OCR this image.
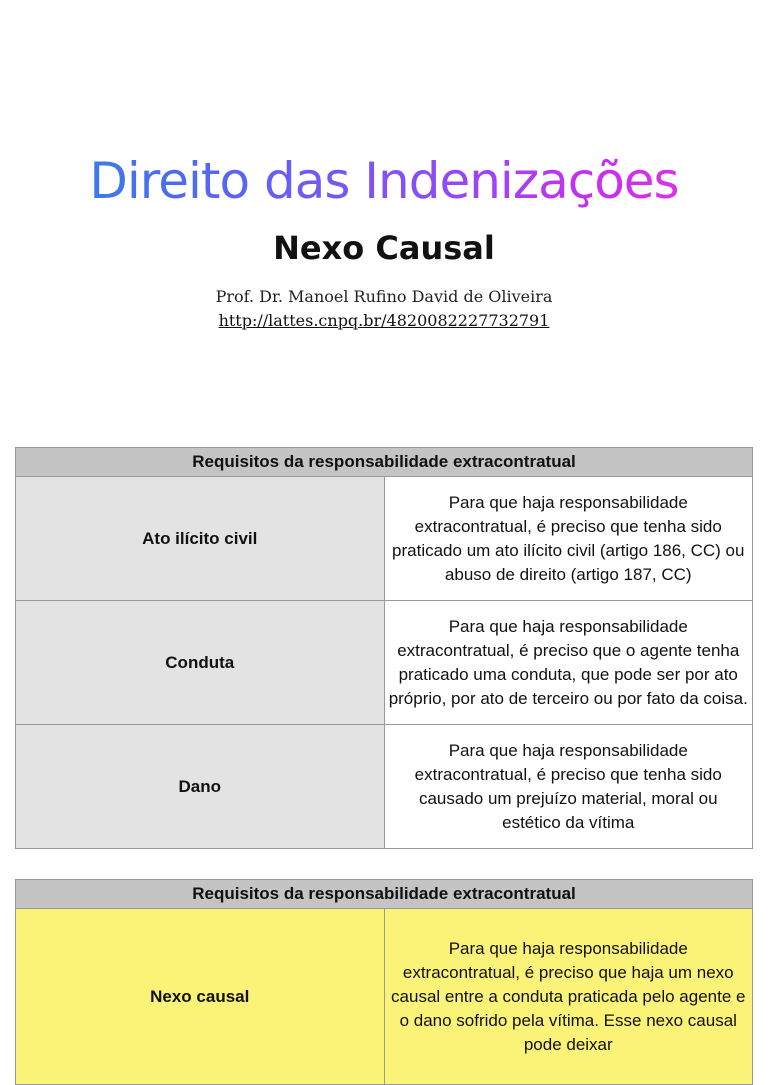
Direito das Indenizações
Nexo Causal
Prof. Dr. Manoel Rufino David de Oliveira
http://lattes.cnpq.br/4820082227732791
Requisitos da responsabilidade extracontratual	
Ato ilícito civil	Para que haja responsabilidade extracontratual, é preciso que tenha sido praticado um ato ilícito civil (artigo 186, CC) ou abuso de direito (artigo 187, CC)
Conduta	Para que haja responsabilidade extracontratual, é preciso que o agente tenha praticado uma conduta, que pode ser por ato próprio, por ato de terceiro ou por fato da coisa.
Dano	Para que haja responsabilidade extracontratual, é preciso que tenha sido causado um prejuízo material, moral ou estético da vítima
Requisitos da responsabilidade extracontratual
Nexo causal	Para que haja responsabilidade extracontratual, é preciso que haja um nexo causal entre a conduta praticada pelo agente e o dano sofrido pela vítima. Esse nexo causal pode deixar
